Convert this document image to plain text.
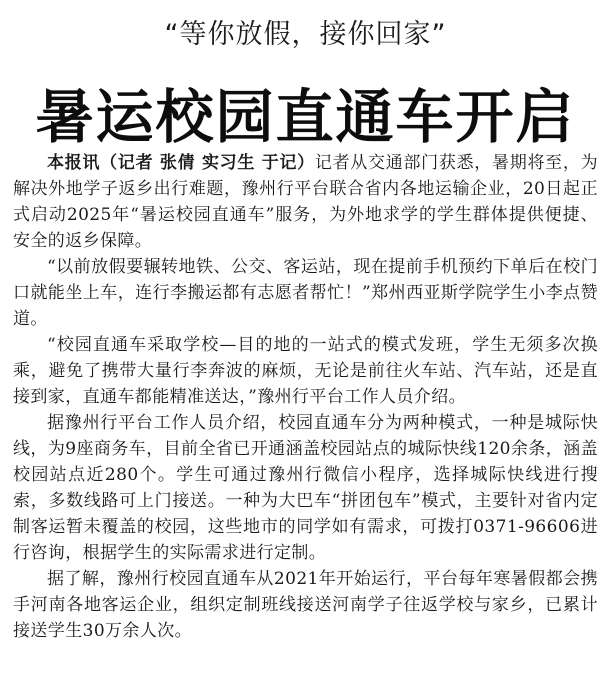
“等你放假，接你回家”
暑运校园直通车开启

本报讯（记者 张倩 实习生 于记）记者从交通部门获悉，暑期将至，为解决外地学子返乡出行难题，豫州行平台联合省内各地运输企业，20日起正式启动2025年“暑运校园直通车”服务，为外地求学的学生群体提供便捷、安全的返乡保障。

“以前放假要辗转地铁、公交、客运站，现在提前手机预约下单后在校门口就能坐上车，连行李搬运都有志愿者帮忙！”郑州西亚斯学院学生小李点赞道。

“校园直通车采取学校—目的地的一站式的模式发班，学生无须多次换乘，避免了携带大量行李奔波的麻烦，无论是前往火车站、汽车站，还是直接到家，直通车都能精准送达，”豫州行平台工作人员介绍。

据豫州行平台工作人员介绍，校园直通车分为两种模式，一种是城际快线，为9座商务车，目前全省已开通涵盖校园站点的城际快线120余条，涵盖校园站点近280个。学生可通过豫州行微信小程序，选择城际快线进行搜索，多数线路可上门接送。一种为大巴车“拼团包车”模式，主要针对省内定制客运暂未覆盖的校园，这些地市的同学如有需求，可拨打0371-96606进行咨询，根据学生的实际需求进行定制。

据了解，豫州行校园直通车从2021年开始运行，平台每年寒暑假都会携手河南各地客运企业，组织定制班线接送河南学子往返学校与家乡，已累计接送学生30万余人次。
